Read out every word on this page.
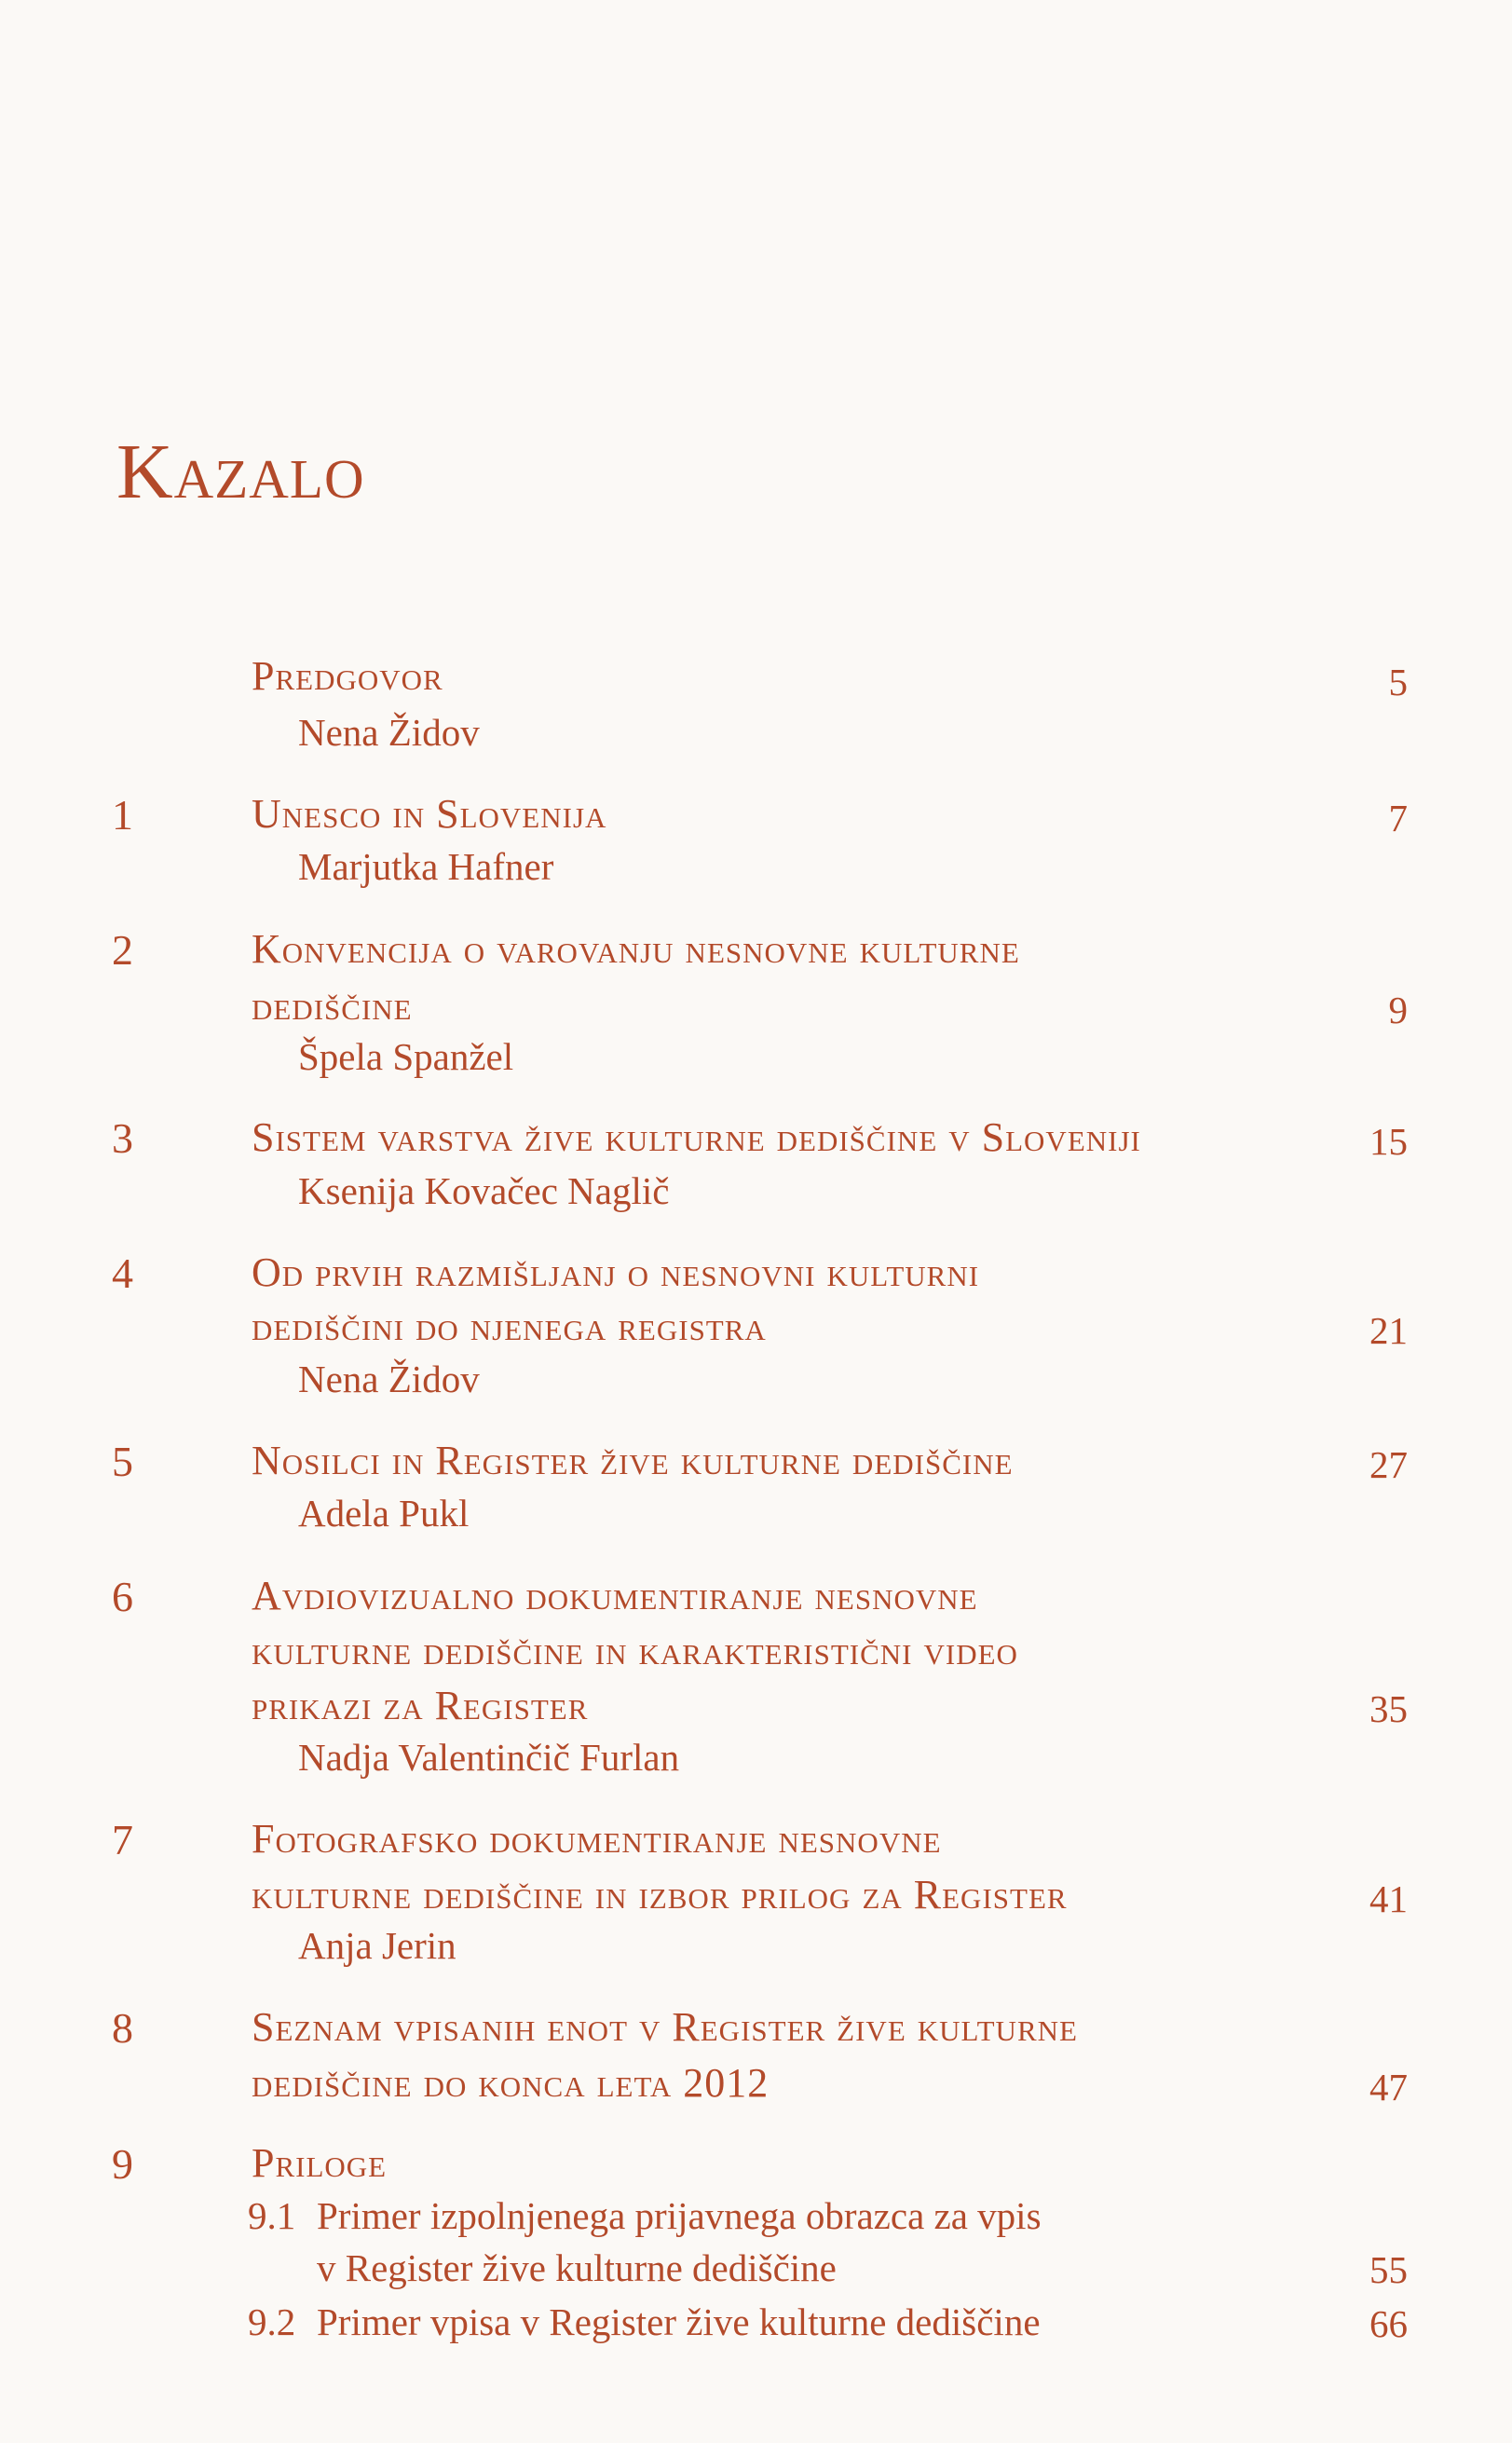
Kazalo
Predgovor	5
Nena Židov
1	Unesco in Slovenija	7
Marjutka Hafner
2	Konvencija o varovanju nesnovne kulturne
dediščine	9
Špela Spanžel
3	Sistem varstva žive kulturne dediščine v Sloveniji	15
Ksenija Kovačec Naglič
4	Od prvih razmišljanj o nesnovni kulturni
dediščini do njenega registra	21
Nena Židov
5	Nosilci in Register žive kulturne dediščine	27
Adela Pukl
6	Avdiovizualno dokumentiranje nesnovne
kulturne dediščine in karakteristični video
prikazi za Register	35
Nadja Valentinčič Furlan
7	Fotografsko dokumentiranje nesnovne
kulturne dediščine in izbor prilog za Register	41
Anja Jerin
8	Seznam vpisanih enot v Register žive kulturne
dediščine do konca leta 2012	47
9	Priloge
9.1 Primer izpolnjenega prijavnega obrazca za vpis
v Register žive kulturne dediščine	55
9.2 Primer vpisa v Register žive kulturne dediščine	66
